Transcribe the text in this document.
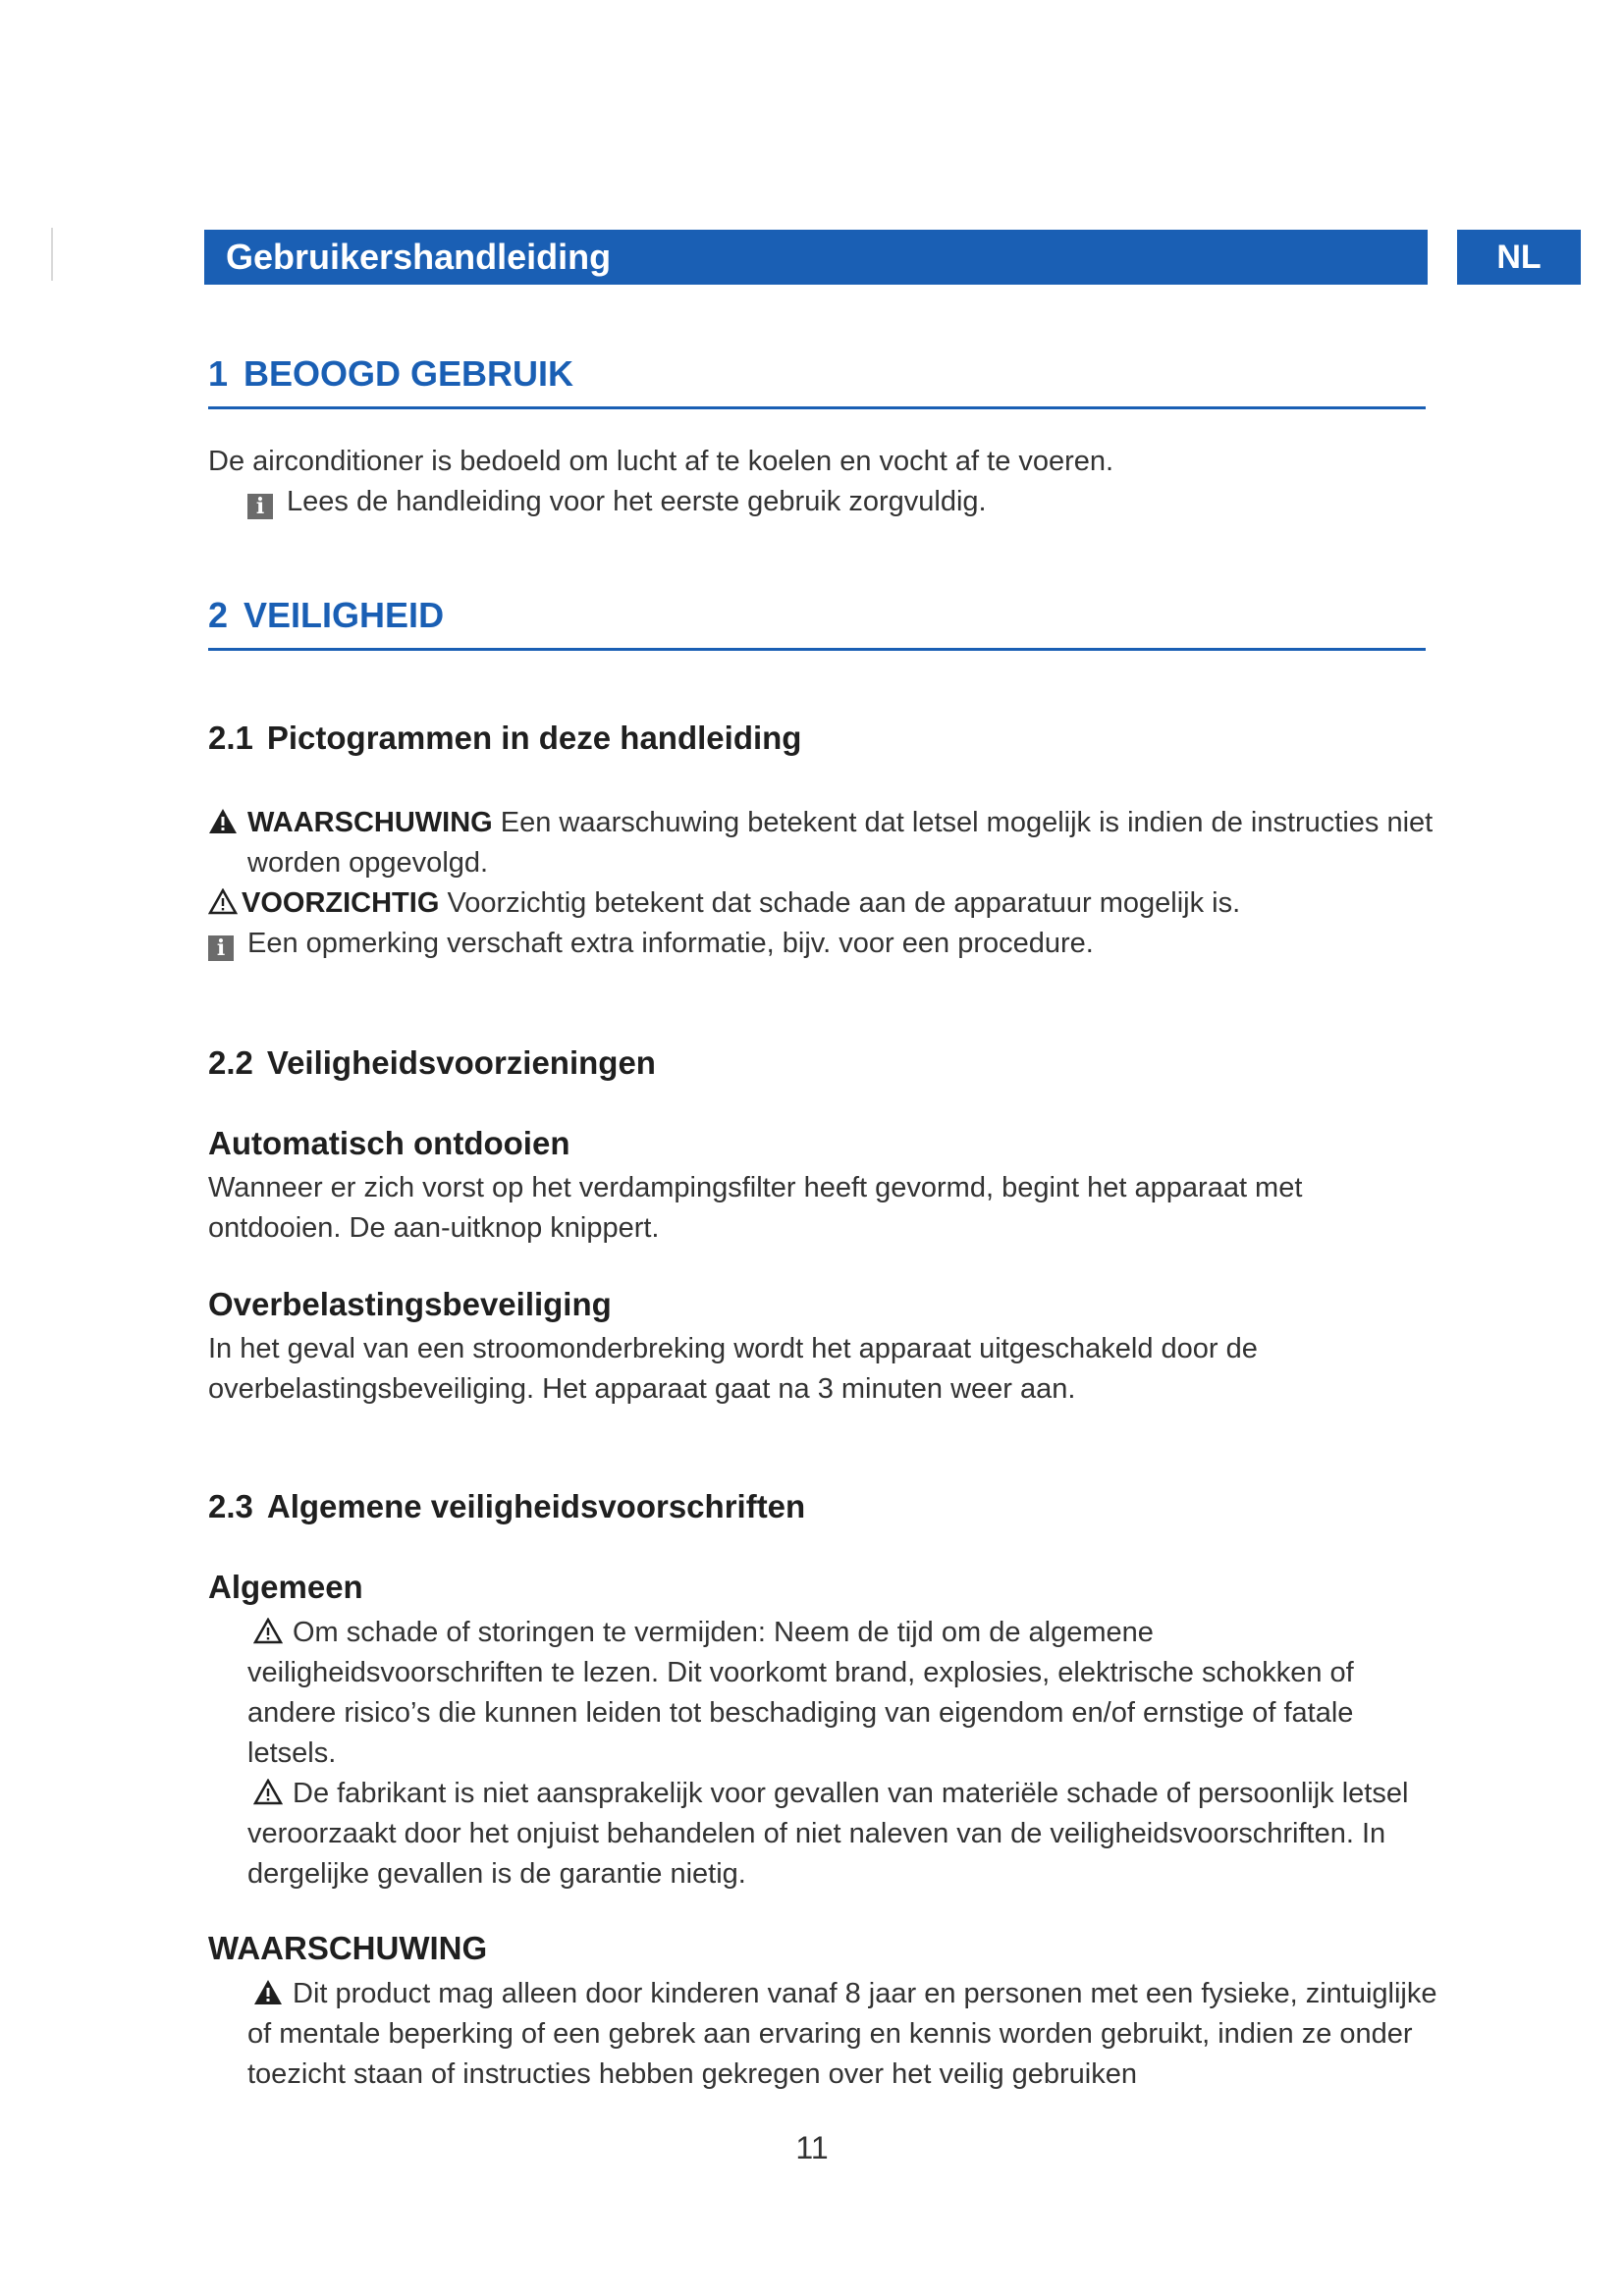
Gebruikershandleiding	NL
1 BEOOGD GEBRUIK
De airconditioner is bedoeld om lucht af te koelen en vocht af te voeren.
i Lees de handleiding voor het eerste gebruik zorgvuldig.
2 VEILIGHEID
2.1 Pictogrammen in deze handleiding
WAARSCHUWING Een waarschuwing betekent dat letsel mogelijk is indien de instructies niet worden opgevolgd.
VOORZICHTIG Voorzichtig betekent dat schade aan de apparatuur mogelijk is.
i Een opmerking verschaft extra informatie, bijv. voor een procedure.
2.2 Veiligheidsvoorzieningen
Automatisch ontdooien
Wanneer er zich vorst op het verdampingsfilter heeft gevormd, begint het apparaat met ontdooien. De aan-uitknop knippert.
Overbelastingsbeveiliging
In het geval van een stroomonderbreking wordt het apparaat uitgeschakeld door de overbelastingsbeveiliging. Het apparaat gaat na 3 minuten weer aan.
2.3 Algemene veiligheidsvoorschriften
Algemeen
Om schade of storingen te vermijden: Neem de tijd om de algemene veiligheidsvoorschriften te lezen. Dit voorkomt brand, explosies, elektrische schokken of andere risico’s die kunnen leiden tot beschadiging van eigendom en/of ernstige of fatale letsels.
De fabrikant is niet aansprakelijk voor gevallen van materiële schade of persoonlijk letsel veroorzaakt door het onjuist behandelen of niet naleven van de veiligheidsvoorschriften. In dergelijke gevallen is de garantie nietig.
WAARSCHUWING
Dit product mag alleen door kinderen vanaf 8 jaar en personen met een fysieke, zintuiglijke of mentale beperking of een gebrek aan ervaring en kennis worden gebruikt, indien ze onder toezicht staan of instructies hebben gekregen over het veilig gebruiken
11
